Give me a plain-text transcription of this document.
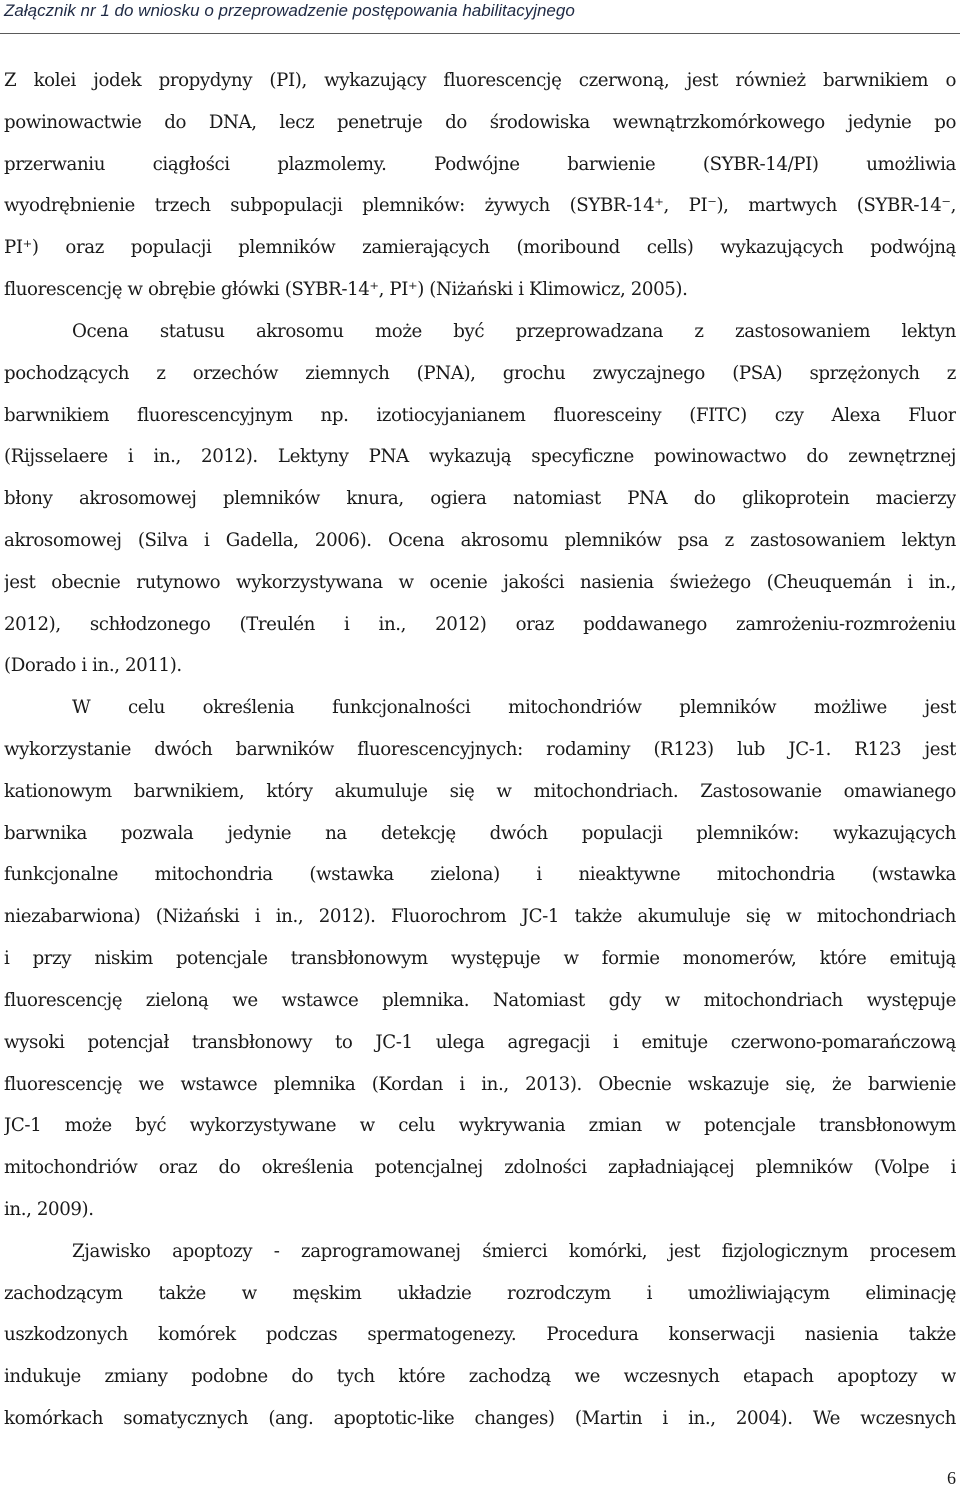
Załącznik nr 1 do wniosku o przeprowadzenie postępowania habilitacyjnego
Z kolei jodek propydyny (PI), wykazujący fluorescencję czerwoną, jest również barwnikiem o
powinowactwie do DNA, lecz penetruje do środowiska wewnątrzkomórkowego jedynie po
przerwaniu ciągłości plazmolemy. Podwójne barwienie (SYBR-14/PI) umożliwia
wyodrębnienie trzech subpopulacji plemników: żywych (SYBR-14⁺, PI⁻), martwych (SYBR-14⁻,
PI⁺) oraz populacji plemników zamierających (moribound cells) wykazujących podwójną
fluorescencję w obrębie główki (SYBR-14⁺, PI⁺) (Niżański i Klimowicz, 2005).
Ocena statusu akrosomu może być przeprowadzana z zastosowaniem lektyn
pochodzących z orzechów ziemnych (PNA), grochu zwyczajnego (PSA) sprzężonych z
barwnikiem fluorescencyjnym np. izotiocyjanianem fluoresceiny (FITC) czy Alexa Fluor
(Rijsselaere i in., 2012). Lektyny PNA wykazują specyficzne powinowactwo do zewnętrznej
błony akrosomowej plemników knura, ogiera natomiast PNA do glikoprotein macierzy
akrosomowej (Silva i Gadella, 2006). Ocena akrosomu plemników psa z zastosowaniem lektyn
jest obecnie rutynowo wykorzystywana w ocenie jakości nasienia świeżego (Cheuquemán i in.,
2012), schłodzonego (Treulén i in., 2012) oraz poddawanego zamrożeniu-rozmrożeniu
(Dorado i in., 2011).
W celu określenia funkcjonalności mitochondriów plemników możliwe jest
wykorzystanie dwóch barwników fluorescencyjnych: rodaminy (R123) lub JC-1. R123 jest
kationowym barwnikiem, który akumuluje się w mitochondriach. Zastosowanie omawianego
barwnika pozwala jedynie na detekcję dwóch populacji plemników: wykazujących
funkcjonalne mitochondria (wstawka zielona) i nieaktywne mitochondria (wstawka
niezabarwiona) (Niżański i in., 2012). Fluorochrom JC-1 także akumuluje się w mitochondriach
i przy niskim potencjale transbłonowym występuje w formie monomerów, które emitują
fluorescencję zieloną we wstawce plemnika. Natomiast gdy w mitochondriach występuje
wysoki potencjał transbłonowy to JC-1 ulega agregacji i emituje czerwono-pomarańczową
fluorescencję we wstawce plemnika (Kordan i in., 2013). Obecnie wskazuje się, że barwienie
JC-1 może być wykorzystywane w celu wykrywania zmian w potencjale transbłonowym
mitochondriów oraz do określenia potencjalnej zdolności zapładniającej plemników (Volpe i
in., 2009).
Zjawisko apoptozy - zaprogramowanej śmierci komórki, jest fizjologicznym procesem
zachodzącym także w męskim układzie rozrodczym i umożliwiającym eliminację
uszkodzonych komórek podczas spermatogenezy. Procedura konserwacji nasienia także
indukuje zmiany podobne do tych które zachodzą we wczesnych etapach apoptozy w
komórkach somatycznych (ang. apoptotic-like changes) (Martin i in., 2004). We wczesnych
6
